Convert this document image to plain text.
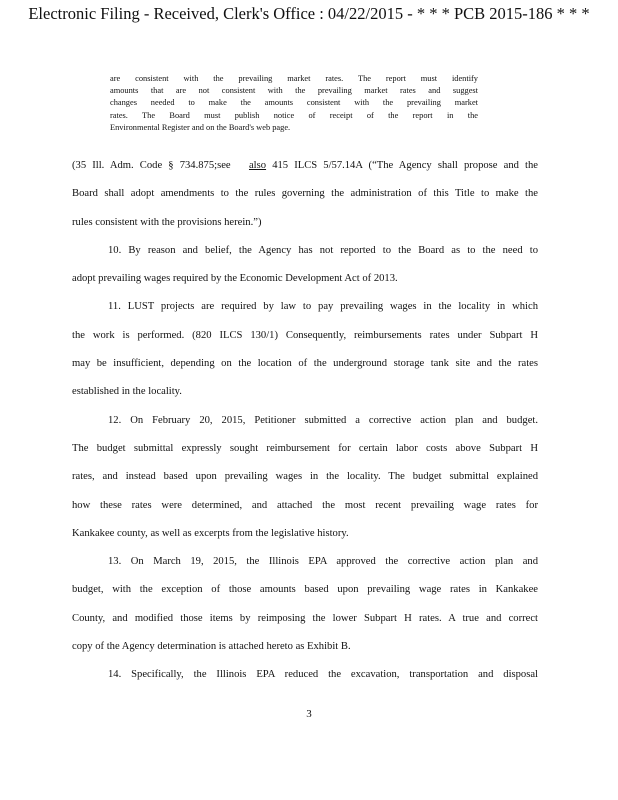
Electronic Filing - Received, Clerk's Office : 04/22/2015 - * * * PCB 2015-186 * * *
are consistent with the prevailing market rates. The report must identify
amounts that are not consistent with the prevailing market rates and suggest
changes needed to make the amounts consistent with the prevailing market
rates. The Board must publish notice of receipt of the report in the
Environmental Register and on the Board's web page.
(35 Ill. Adm. Code § 734.875;see also 415 ILCS 5/57.14A (“The Agency shall propose and the
Board shall adopt amendments to the rules governing the administration of this Title to make the
rules consistent with the provisions herein.”)
10. By reason and belief, the Agency has not reported to the Board as to the need to
adopt prevailing wages required by the Economic Development Act of 2013.
11. LUST projects are required by law to pay prevailing wages in the locality in which
the work is performed. (820 ILCS 130/1) Consequently, reimbursements rates under Subpart H
may be insufficient, depending on the location of the underground storage tank site and the rates
established in the locality.
12. On February 20, 2015, Petitioner submitted a corrective action plan and budget.
The budget submittal expressly sought reimbursement for certain labor costs above Subpart H
rates, and instead based upon prevailing wages in the locality. The budget submittal explained
how these rates were determined, and attached the most recent prevailing wage rates for
Kankakee county, as well as excerpts from the legislative history.
13. On March 19, 2015, the Illinois EPA approved the corrective action plan and
budget, with the exception of those amounts based upon prevailing wage rates in Kankakee
County, and modified those items by reimposing the lower Subpart H rates. A true and correct
copy of the Agency determination is attached hereto as Exhibit B.
14. Specifically, the Illinois EPA reduced the excavation, transportation and disposal
3
